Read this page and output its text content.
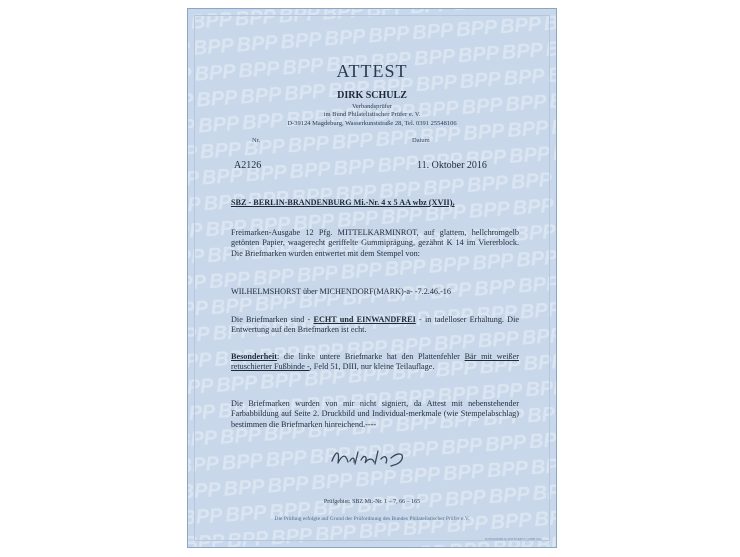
ATTEST
DIRK SCHULZ
Verbandsprüfer
im Bund Philatelistischer Prüfer e. V.
D-39124 Magdeburg, Wasserkunststraße 28, Tel. 0391 25548106
Nr.	Datum
A2126	11. Oktober 2016
SBZ - BERLIN-BRANDENBURG Mi.-Nr. 4 x 5 AA wbz (XVII),
Freimarken-Ausgabe 12 Pfg. MITTELKARMINROT, auf glattem, hellchromgelb getönten Papier, waagerecht geriffelte Gummiprägung, gezähnt K 14 im Viererblock. Die Briefmarken wurden entwertet mit dem Stempel von:
WILHELMSHORST über MICHENDORF(MARK)-a- -7.2.46.-16
Die Briefmarken sind - ECHT und EINWANDFREI - in tadelloser Erhaltung. Die Entwertung auf den Briefmarken ist echt.
Besonderheit: die linke untere Briefmarke hat den Plattenfehler Bär mit weißer retuschierter Fußbinde -, Feld 51, DIII, nur kleine Teilauflage.
Die Briefmarken wurden von mir nicht signiert, da Attest mit nebenstehender Farbabbildung auf Seite 2. Druckbild und Individual-merkmale (wie Stempelabschlag) bestimmen die Briefmarken hinreichend.----
Prüfgebiet: SBZ Mi.-Nr. 1 – 7, 66 – 165
Die Prüfung erfolgte auf Grund der Prüfordnung des Bundes Philatelistischer Prüfer e.V.
SCHWANDER & SEITENRENT-GMBH 1965
